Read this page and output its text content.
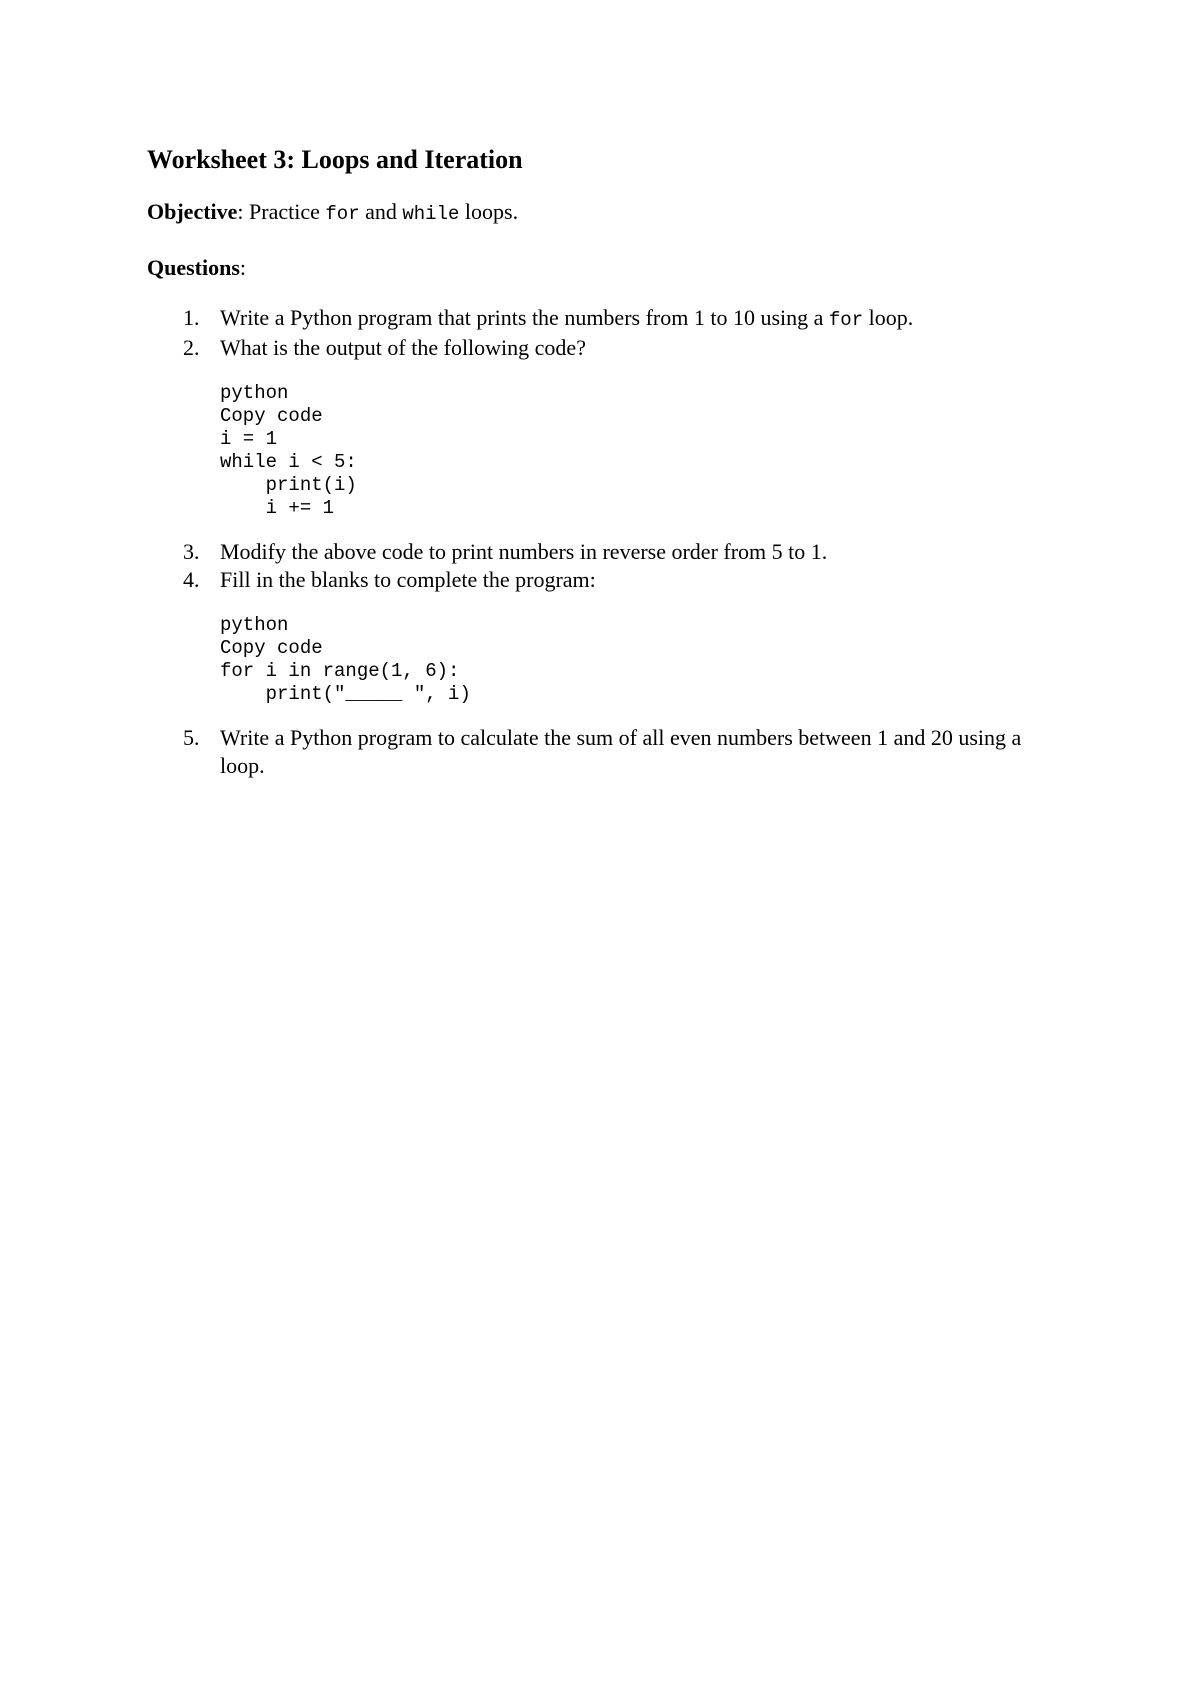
Worksheet 3: Loops and Iteration
Objective: Practice for and while loops.
Questions:
1. Write a Python program that prints the numbers from 1 to 10 using a for loop.
2. What is the output of the following code?
python
Copy code
i = 1
while i < 5:
print(i)
i += 1
3. Modify the above code to print numbers in reverse order from 5 to 1.
4. Fill in the blanks to complete the program:
python
Copy code
for i in range(1, 6):
print("_____ ", i)
5. Write a Python program to calculate the sum of all even numbers between 1 and 20 using a loop.
